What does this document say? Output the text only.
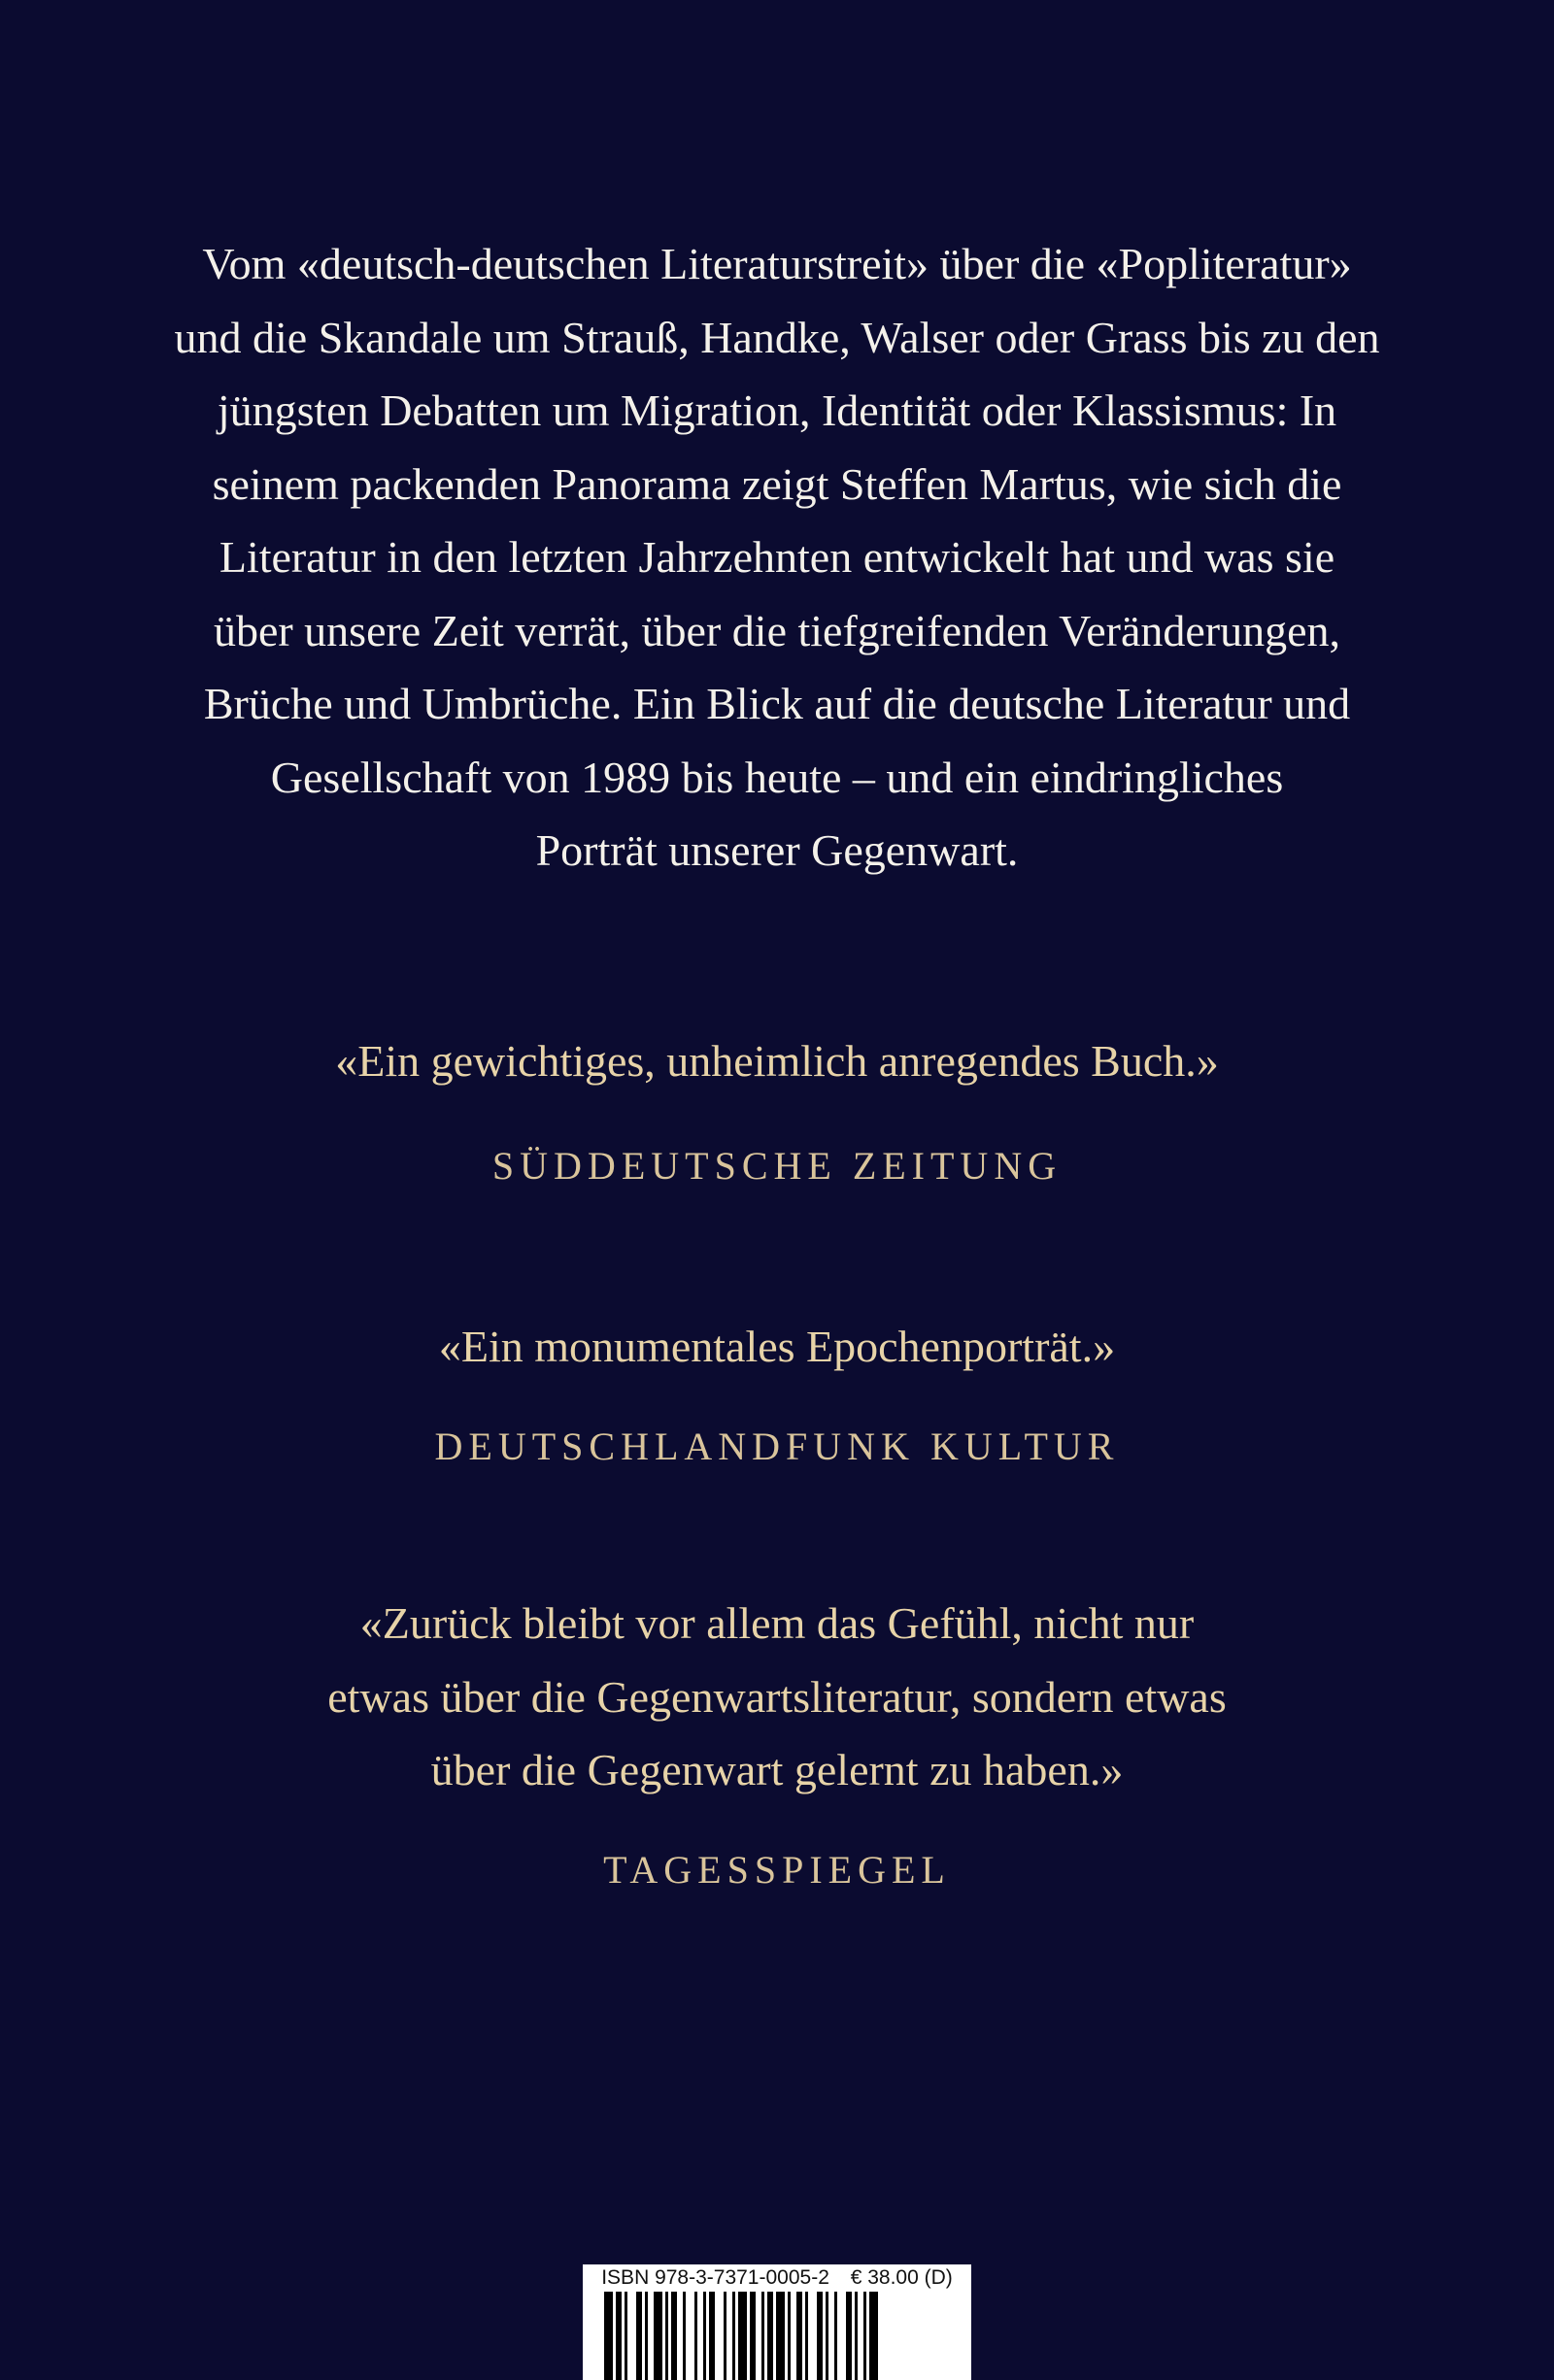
Vom «deutsch-deutschen Literaturstreit» über die «Popliteratur»
und die Skandale um Strauß, Handke, Walser oder Grass bis zu den
jüngsten Debatten um Migration, Identität oder Klassismus: In
seinem packenden Panorama zeigt Steffen Martus, wie sich die
Literatur in den letzten Jahrzehnten entwickelt hat und was sie
über unsere Zeit verrät, über die tiefgreifenden Veränderungen,
Brüche und Umbrüche. Ein Blick auf die deutsche Literatur und
Gesellschaft von 1989 bis heute – und ein eindringliches
Porträt unserer Gegenwart.
«Ein gewichtiges, unheimlich anregendes Buch.»
SÜDDEUTSCHE ZEITUNG
«Ein monumentales Epochenporträt.»
DEUTSCHLANDFUNK KULTUR
«Zurück bleibt vor allem das Gefühl, nicht nur
etwas über die Gegenwartsliteratur, sondern etwas
über die Gegenwart gelernt zu haben.»
TAGESSPIEGEL
ISBN 978-3-7371-0005-2 € 38.00 (D)
